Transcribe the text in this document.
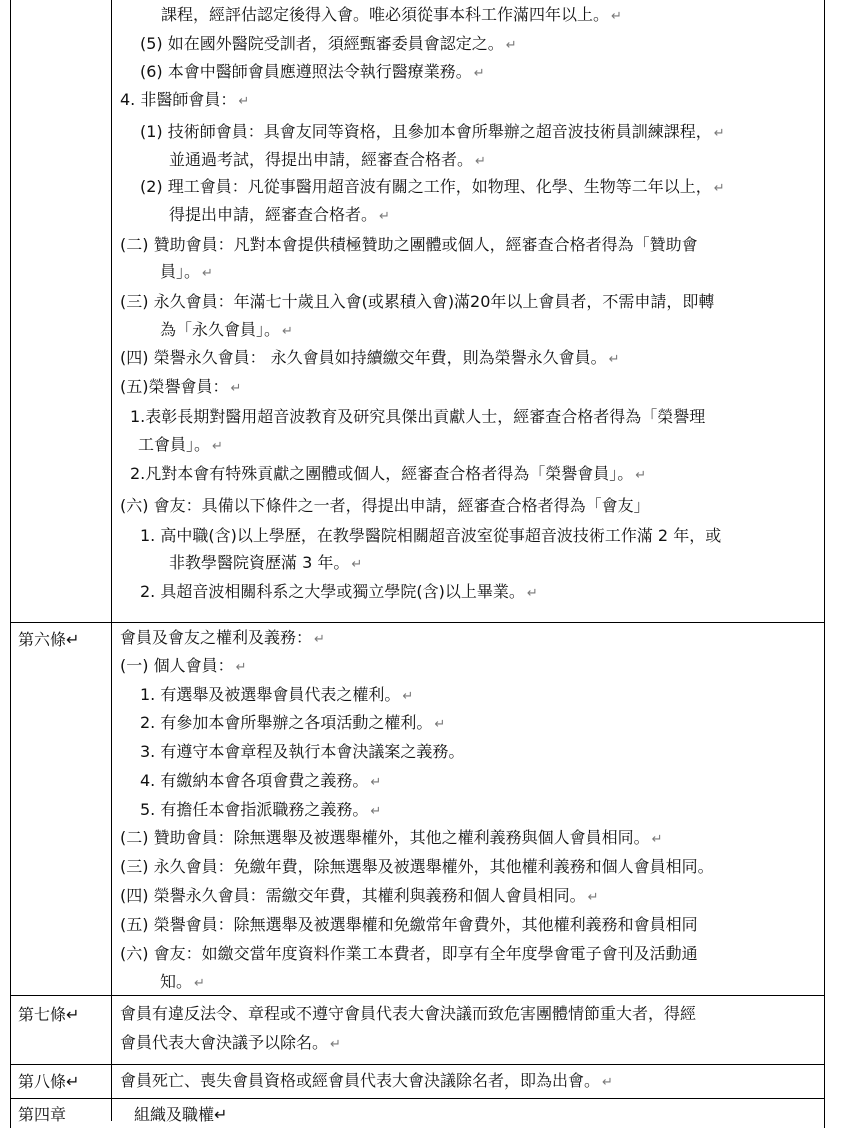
課程，經評估認定後得入會。唯必須從事本科工作滿四年以上。 ↵
(5) 如在國外醫院受訓者，須經甄審委員會認定之。 ↵
(6) 本會中醫師會員應遵照法令執行醫療業務。 ↵
4. 非醫師會員： ↵
(1) 技術師會員：具會友同等資格，且參加本會所舉辦之超音波技術員訓練課程， ↵
並通過考試，得提出申請，經審查合格者。 ↵
(2) 理工會員：凡從事醫用超音波有關之工作，如物理、化學、生物等二年以上， ↵
得提出申請，經審查合格者。 ↵
(二) 贊助會員：凡對本會提供積極贊助之團體或個人，經審查合格者得為「贊助會
員」。 ↵
(三) 永久會員：年滿七十歲且入會(或累積入會)滿20年以上會員者，不需申請，即轉
為「永久會員」。 ↵
(四) 榮譽永久會員： 永久會員如持續繳交年費，則為榮譽永久會員。 ↵
(五)榮譽會員： ↵
1.表彰長期對醫用超音波教育及研究具傑出貢獻人士，經審查合格者得為「榮譽理
工會員」。 ↵
2.凡對本會有特殊貢獻之團體或個人，經審查合格者得為「榮譽會員」。 ↵
(六) 會友：具備以下條件之一者，得提出申請，經審查合格者得為「會友」
1. 高中職(含)以上學歷，在教學醫院相關超音波室從事超音波技術工作滿 2 年，或
非教學醫院資歷滿 3 年。 ↵
2. 具超音波相關科系之大學或獨立學院(含)以上畢業。 ↵
第六條↵	會員及會友之權利及義務： ↵
(一) 個人會員： ↵
1. 有選舉及被選舉會員代表之權利。 ↵
2. 有參加本會所舉辦之各項活動之權利。 ↵
3. 有遵守本會章程及執行本會決議案之義務。
4. 有繳納本會各項會費之義務。 ↵
5. 有擔任本會指派職務之義務。 ↵
(二) 贊助會員：除無選舉及被選舉權外，其他之權利義務與個人會員相同。 ↵
(三) 永久會員：免繳年費，除無選舉及被選舉權外，其他權利義務和個人會員相同。
(四) 榮譽永久會員：需繳交年費，其權利與義務和個人會員相同。 ↵
(五) 榮譽會員：除無選舉及被選舉權和免繳常年會費外，其他權利義務和會員相同
(六) 會友：如繳交當年度資料作業工本費者，即享有全年度學會電子會刊及活動通
知。 ↵
第七條↵	會員有違反法令、章程或不遵守會員代表大會決議而致危害團體情節重大者，得經
會員代表大會決議予以除名。 ↵
第八條↵	會員死亡、喪失會員資格或經會員代表大會決議除名者，即為出會。 ↵
第四章	組織及職權↵
